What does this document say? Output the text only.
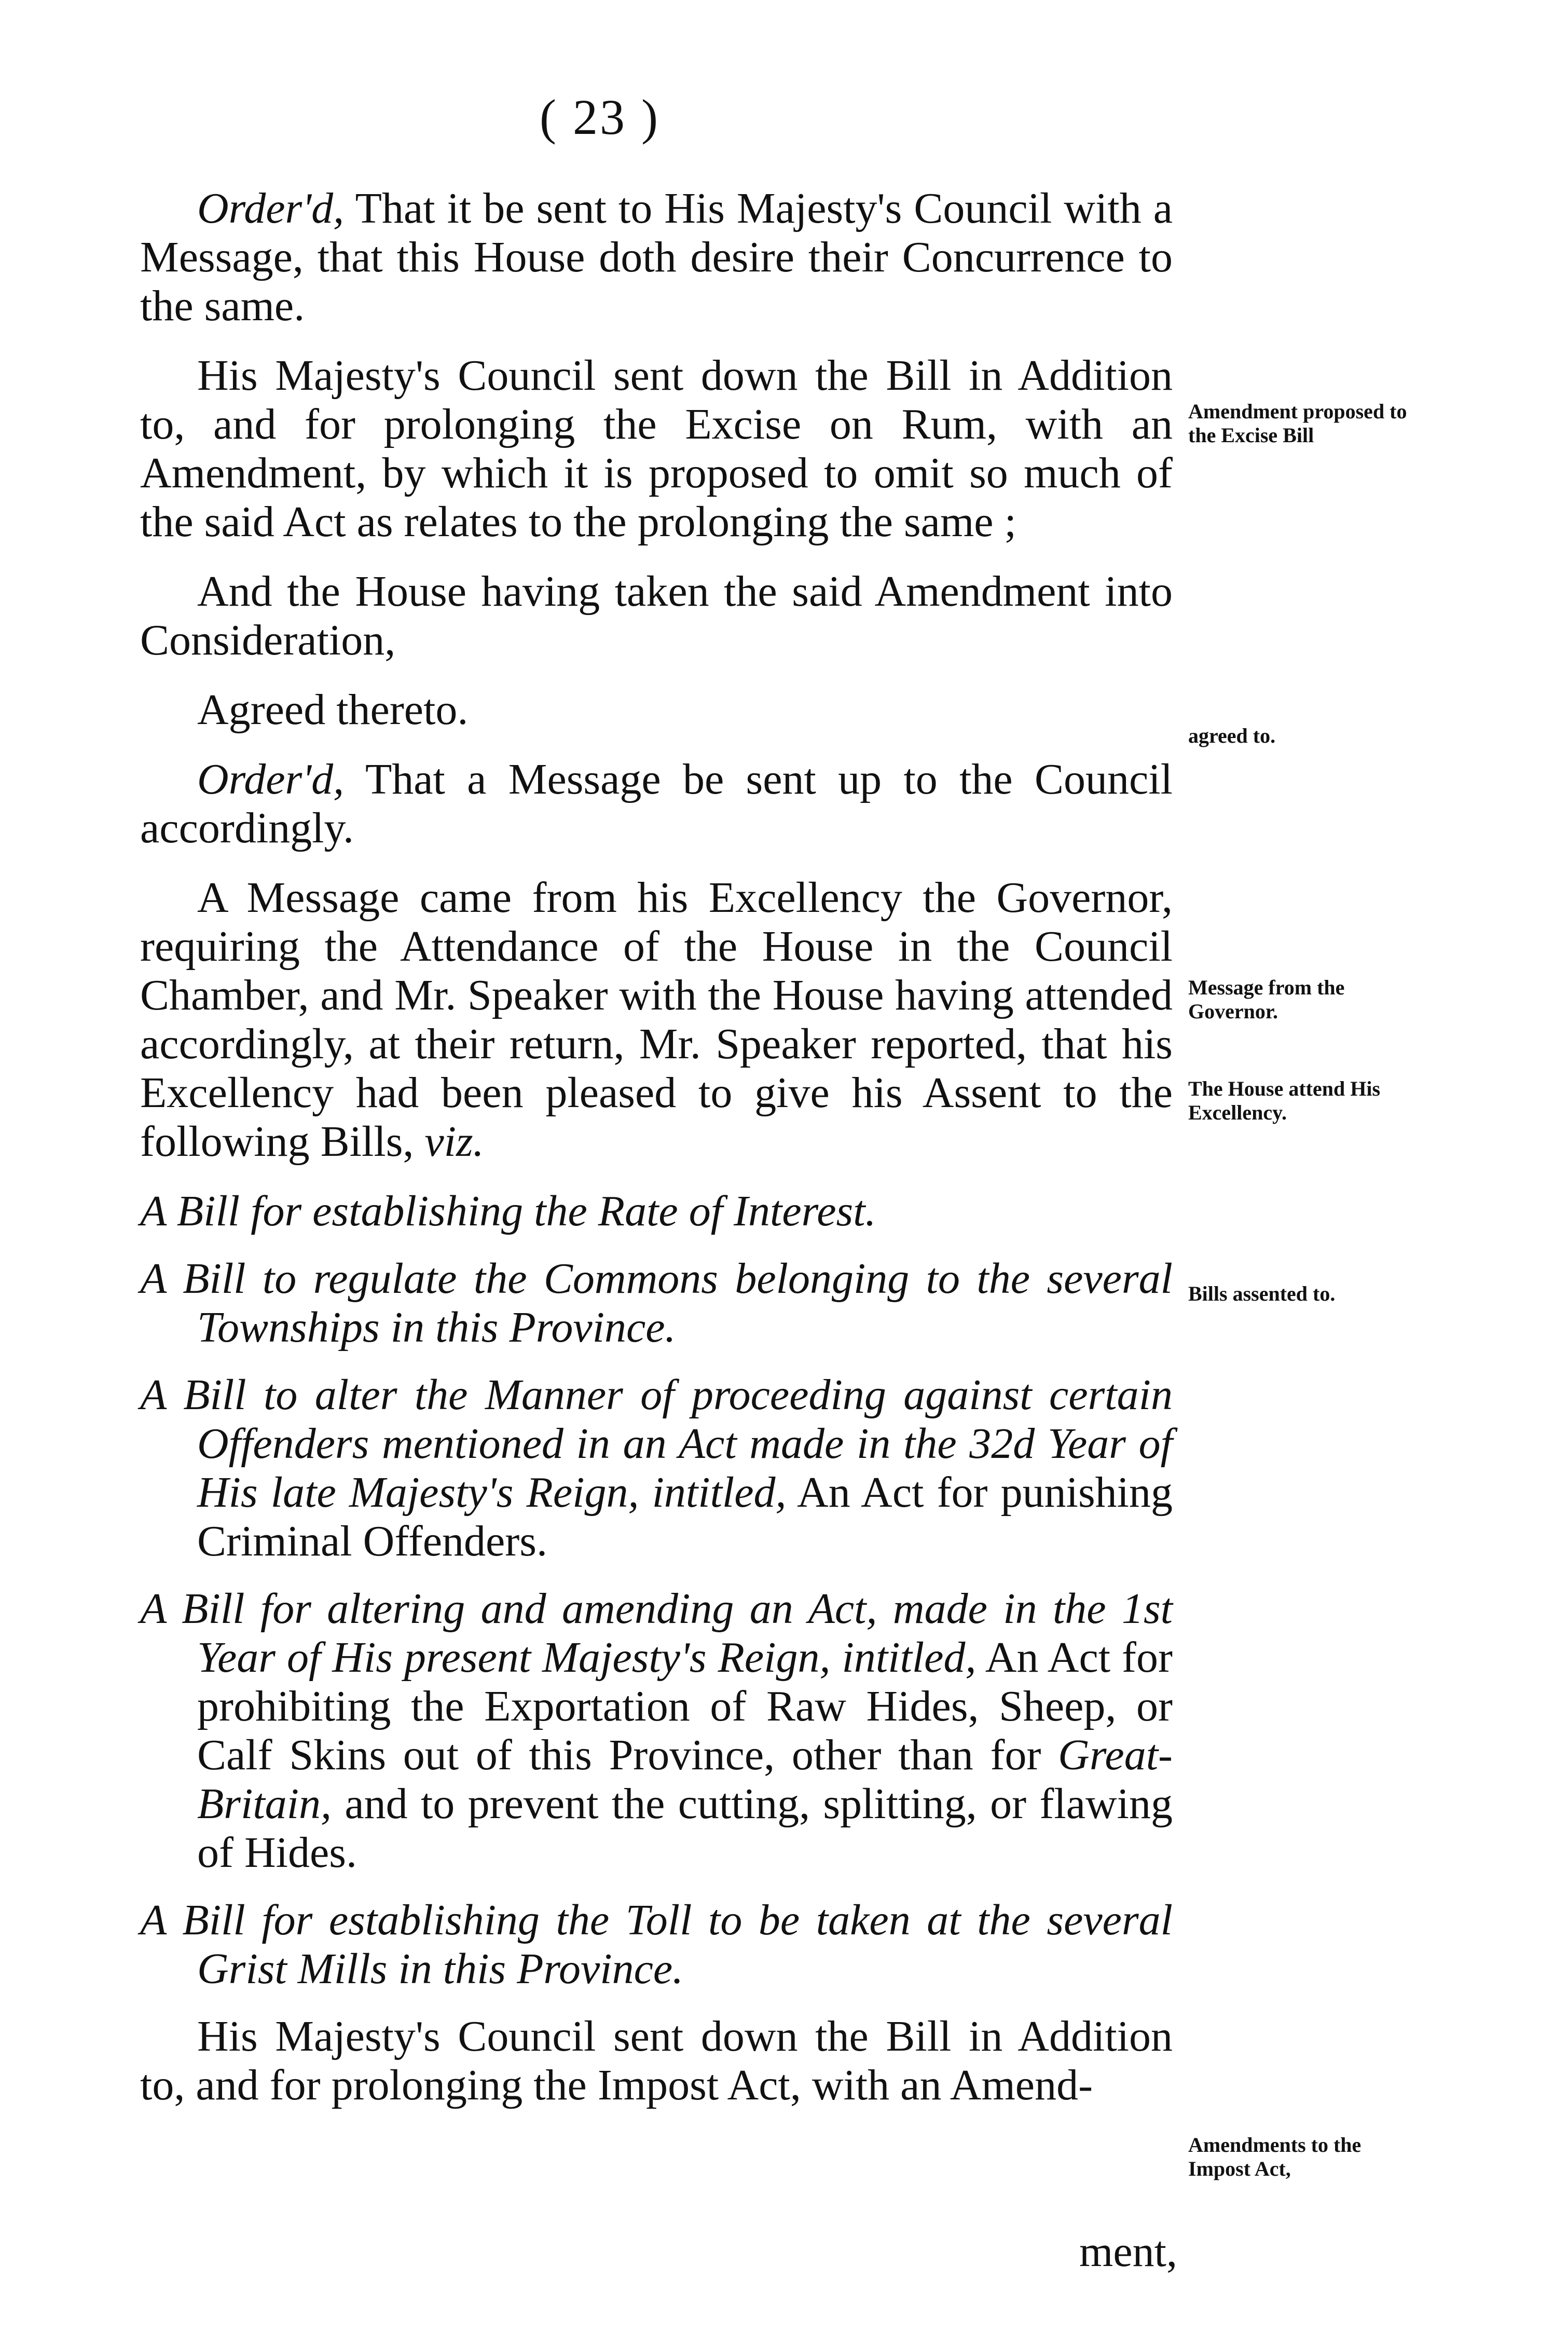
( 23 )

Order'd, That it be sent to His Majesty's Council with a Message, that this House doth desire their Concurrence to the same.

His Majesty's Council sent down the Bill in Addition to, and for prolonging the Excise on Rum, with an Amendment, by which it is proposed to omit so much of the said Act as relates to the prolonging the same ;

And the House having taken the said Amendment into Consideration,

Agreed thereto.

Order'd, That a Message be sent up to the Council accordingly.

A Message came from his Excellency the Governor, requiring the Attendance of the House in the Council Chamber, and Mr. Speaker with the House having attended accordingly, at their return, Mr. Speaker reported, that his Excellency had been pleased to give his Assent to the following Bills, viz.

A Bill for establishing the Rate of Interest.

A Bill to regulate the Commons belonging to the several Townships in this Province.

A Bill to alter the Manner of proceeding against certain Offenders mentioned in an Act made in the 32d Year of His late Majesty's Reign, intitled, An Act for punishing Criminal Offenders.

A Bill for altering and amending an Act, made in the 1st Year of His present Majesty's Reign, intitled, An Act for prohibiting the Exportation of Raw Hides, Sheep, or Calf Skins out of this Province, other than for Great-Britain, and to prevent the cutting, splitting, or flawing of Hides.

A Bill for establishing the Toll to be taken at the several Grist Mills in this Province.

His Majesty's Council sent down the Bill in Addition to, and for prolonging the Impost Act, with an Amend-

ment,
Amendment proposed to the Excise Bill
agreed to.
Message from the Governor.
The House attend His Excellency.
Bills assented to.
Amendments to the Impost Act,
